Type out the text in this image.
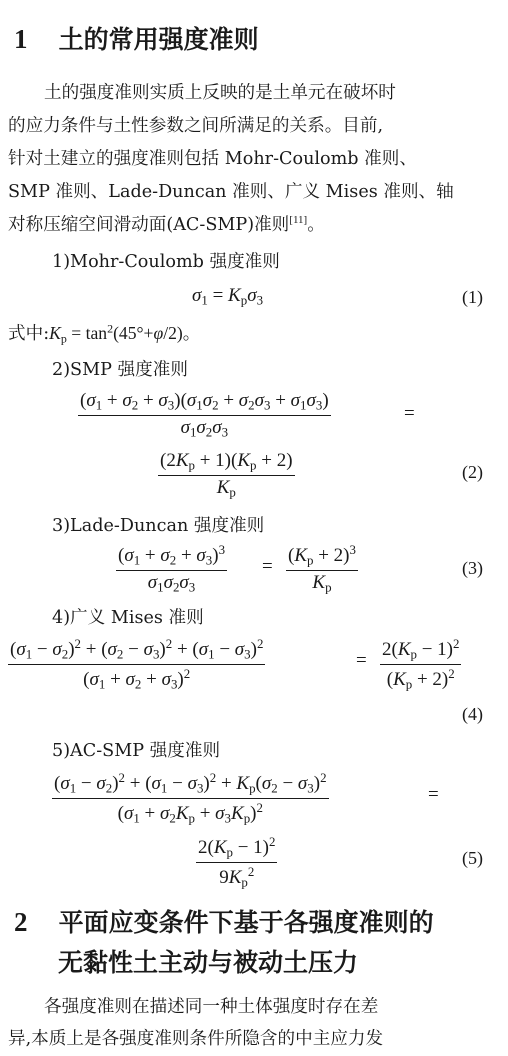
1 土的常用强度准则
土的强度准则实质上反映的是土单元在破坏时
的应力条件与土性参数之间所满足的关系。目前,
针对土建立的强度准则包括 Mohr-Coulomb 准则、
SMP 准则、Lade-Duncan 准则、广义 Mises 准则、轴
对称压缩空间滑动面(AC-SMP)准则[11]。
1)Mohr-Coulomb 强度准则
$\sigma_1 = K_p\sigma_3$	(1)
式中$:K_p = \tan^2(45^\circ+\varphi/2)$。
2)SMP 强度准则
$(\sigma_1 + \sigma_2 + \sigma_3)(\sigma_1\sigma_2 + \sigma_2\sigma_3 + \sigma_1\sigma_3)$
$\sigma_1\sigma_2\sigma_3$
=
$(2K_p + 1)(K_p + 2)$
$K_p$
(2)
3)Lade-Duncan 强度准则
$(\sigma_1 + \sigma_2 + \sigma_3)^3$
$\sigma_1\sigma_2\sigma_3$
=
$(K_p + 2)^3$
$K_p$
(3)
4)广义 Mises 准则
$(\sigma_1 - \sigma_2)^2 + (\sigma_2 - \sigma_3)^2 + (\sigma_1 - \sigma_3)^2$
$(\sigma_1 + \sigma_2 + \sigma_3)^2$
=
$2(K_p - 1)^2$
$(K_p + 2)^2$
(4)
5)AC-SMP 强度准则
$(\sigma_1 - \sigma_2)^2 + (\sigma_1 - \sigma_3)^2 + K_p(\sigma_2 - \sigma_3)^2$
$(\sigma_1 + \sigma_2K_p + \sigma_3K_p)^2$
=
$2(K_p - 1)^2$
$9K_p^2$
(5)
2 平面应变条件下基于各强度准则的
无黏性土主动与被动土压力
各强度准则在描述同一种土体强度时存在差
异,本质上是各强度准则条件所隐含的中主应力发
